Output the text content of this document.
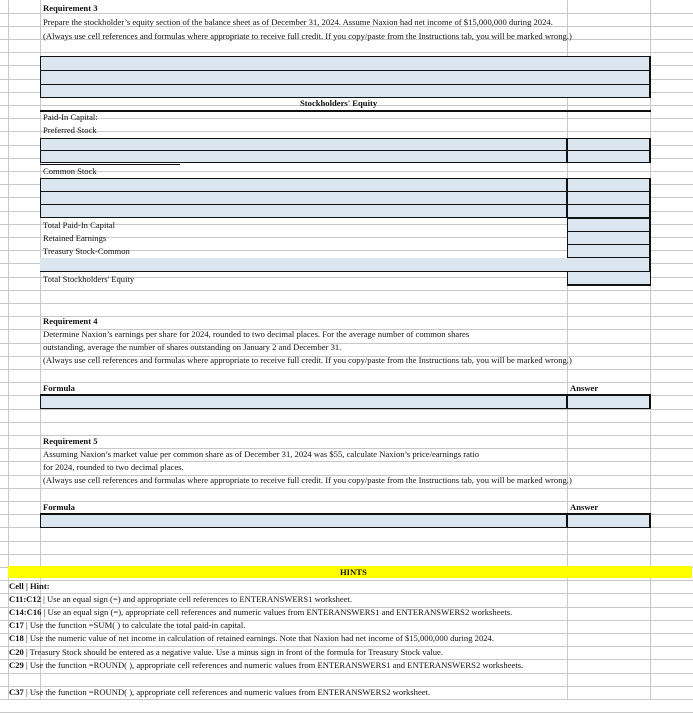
Requirement 3
Prepare the stockholder’s equity section of the balance sheet as of December 31, 2024. Assume Naxion had net income of $15,000,000 during 2024.
(Always use cell references and formulas where appropriate to receive full credit. If you copy/paste from the Instructions tab, you will be marked wrong.)
Stockholders' Equity
Paid-In Capital:
Preferred Stock
Common Stock
Total Paid-In Capital
Retained Earnings
Treasury Stock-Common
Total Stockholders' Equity
Requirement 4
Determine Naxion’s earnings per share for 2024, rounded to two decimal places. For the average number of common shares
outstanding, average the number of shares outstanding on January 2 and December 31.
(Always use cell references and formulas where appropriate to receive full credit. If you copy/paste from the Instructions tab, you will be marked wrong.)
Formula	Answer
Requirement 5
Assuming Naxion’s market value per common share as of December 31, 2024 was $55, calculate Naxion’s price/earnings ratio
for 2024, rounded to two decimal places.
(Always use cell references and formulas where appropriate to receive full credit. If you copy/paste from the Instructions tab, you will be marked wrong.)
Formula	Answer
HINTS
Cell | Hint:
C11:C12 | Use an equal sign (=) and appropriate cell references to ENTERANSWERS1 worksheet.
C14:C16 | Use an equal sign (=), appropriate cell references and numeric values from ENTERANSWERS1 and ENTERANSWERS2 worksheets.
C17 | Use the function =SUM( ) to calculate the total paid-in capital.
C18 | Use the numeric value of net income in calculation of retained earnings. Note that Naxion had net income of $15,000,000 during 2024.
C20 | Treasury Stock should be entered as a negative value. Use a minus sign in front of the formula for Treasury Stock value.
C29 | Use the function =ROUND( ), appropriate cell references and numeric values from ENTERANSWERS1 and ENTERANSWERS2 worksheets.
C37 | Use the function =ROUND( ), appropriate cell references and numeric values from ENTERANSWERS2 worksheet.
